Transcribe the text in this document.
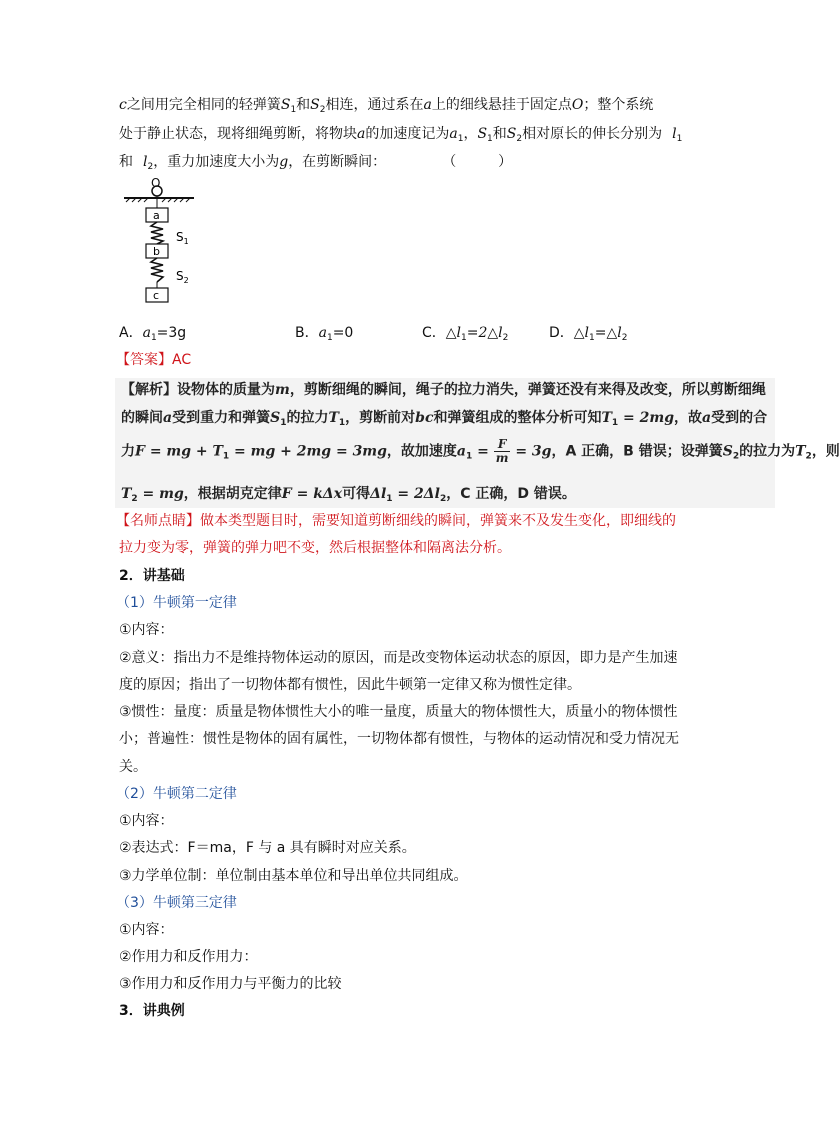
c之间用完全相同的轻弹簧$S_1$和$S_2$相连，通过系在a上的细线悬挂于固定点O；整个系统
处于静止状态，现将细绳剪断，将物块a的加速度记为$a_1$，$S_1$和$S_2$相对原长的伸长分别为 $l_1$
和 $l_2$，重力加速度大小为g，在剪断瞬间：	（　　　）
a
$S_1$
b
$S_2$
c
O
A．$a_1=3g$	B．$a_1=0$	C．$\triangle l_1=2\triangle l_2$	D．$\triangle l_1=\triangle l_2$
【答案】AC
【解析】设物体的质量为m，剪断细绳的瞬间，绳子的拉力消失，弹簧还没有来得及改变，所以剪断细绳
的瞬间a受到重力和弹簧$S_1$的拉力$T_1$，剪断前对bc和弹簧组成的整体分析可知$T_1 = 2mg$，故a受到的合
力F = mg + $T_1$ = mg + 2mg = 3mg，故加速度$a_1 = \frac{F}{m} = 3g$，A 正确，B 错误；设弹簧$S_2$的拉力为$T_2$，则
$T_2$ = mg，根据胡克定律F = kΔx可得$\Delta l_1 = 2\Delta l_2$，C 正确，D 错误。
【名师点睛】做本类型题目时，需要知道剪断细线的瞬间，弹簧来不及发生变化，即细线的
拉力变为零，弹簧的弹力吧不变，然后根据整体和隔离法分析。
2．讲基础
（1）牛顿第一定律
①内容：
②意义：指出力不是维持物体运动的原因，而是改变物体运动状态的原因，即力是产生加速
度的原因；指出了一切物体都有惯性，因此牛顿第一定律又称为惯性定律。
③惯性：量度：质量是物体惯性大小的唯一量度，质量大的物体惯性大，质量小的物体惯性
小；普遍性：惯性是物体的固有属性，一切物体都有惯性，与物体的运动情况和受力情况无
关。
（2）牛顿第二定律
①内容：
②表达式：F＝ma，F 与 a 具有瞬时对应关系。
③力学单位制：单位制由基本单位和导出单位共同组成。
（3）牛顿第三定律
①内容：
②作用力和反作用力：
③作用力和反作用力与平衡力的比较
3．讲典例
